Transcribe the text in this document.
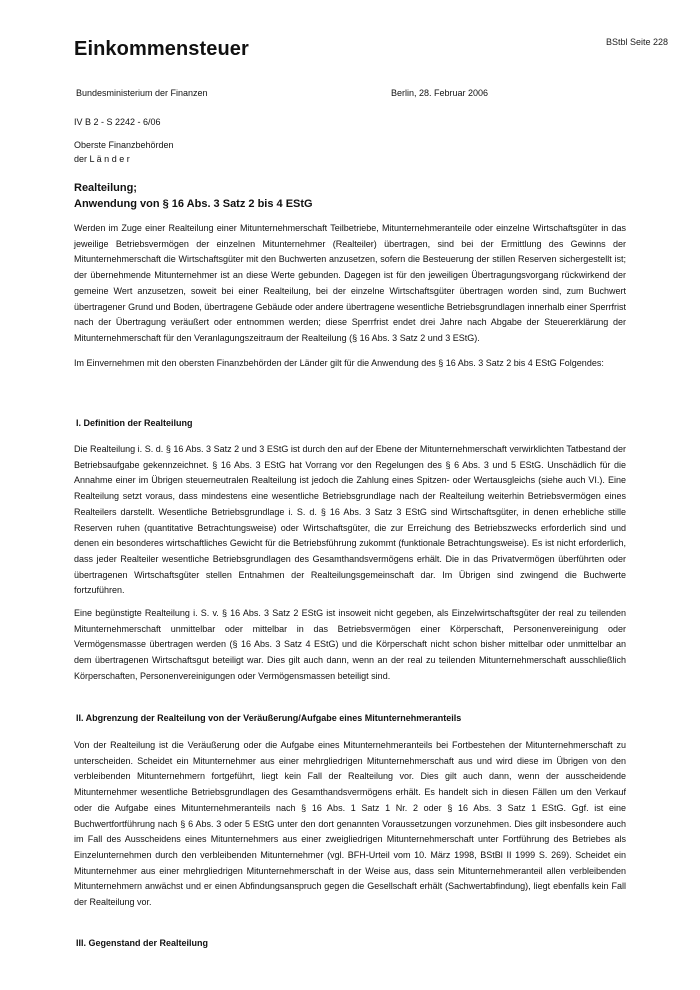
BStbl Seite 228
Einkommensteuer
Bundesministerium der Finanzen	Berlin, 28. Februar 2006
IV B 2 - S 2242 - 6/06
Oberste Finanzbehörden
der L ä n d e r
Realteilung;
Anwendung von § 16 Abs. 3 Satz 2 bis 4 EStG

Werden im Zuge einer Realteilung einer Mitunternehmerschaft Teilbetriebe, Mitunternehmeranteile oder einzelne Wirtschaftsgüter in das jeweilige Betriebsvermögen der einzelnen Mitunternehmer (Realteiler) übertragen, sind bei der Ermittlung des Gewinns der Mitunternehmerschaft die Wirtschaftsgüter mit den Buchwerten anzusetzen, sofern die Besteuerung der stillen Reserven sichergestellt ist; der übernehmende Mitunternehmer ist an diese Werte gebunden. Dagegen ist für den jeweiligen Übertragungsvorgang rückwirkend der gemeine Wert anzusetzen, soweit bei einer Realteilung, bei der einzelne Wirtschaftsgüter übertragen worden sind, zum Buchwert übertragener Grund und Boden, übertragene Gebäude oder andere übertragene wesentliche Betriebsgrundlagen innerhalb einer Sperrfrist nach der Übertragung veräußert oder entnommen werden; diese Sperrfrist endet drei Jahre nach Abgabe der Steuererklärung der Mitunternehmerschaft für den Veranlagungszeitraum der Realteilung (§ 16 Abs. 3 Satz 2 und 3 EStG).

Im Einvernehmen mit den obersten Finanzbehörden der Länder gilt für die Anwendung des § 16 Abs. 3 Satz 2 bis 4 EStG Folgendes:

I. Definition der Realteilung

Die Realteilung i. S. d. § 16 Abs. 3 Satz 2 und 3 EStG ist durch den auf der Ebene der Mitunternehmerschaft verwirklichten Tatbestand der Betriebsaufgabe gekennzeichnet. § 16 Abs. 3 EStG hat Vorrang vor den Regelungen des § 6 Abs. 3 und 5 EStG. Unschädlich für die Annahme einer im Übrigen steuerneutralen Realteilung ist jedoch die Zahlung eines Spitzen- oder Wertausgleichs (siehe auch VI.). Eine Realteilung setzt voraus, dass mindestens eine wesentliche Betriebsgrundlage nach der Realteilung weiterhin Betriebsvermögen eines Realteilers darstellt. Wesentliche Betriebsgrundlage i. S. d. § 16 Abs. 3 Satz 3 EStG sind Wirtschaftsgüter, in denen erhebliche stille Reserven ruhen (quantitative Betrachtungsweise) oder Wirtschaftsgüter, die zur Erreichung des Betriebszwecks erforderlich sind und denen ein besonderes wirtschaftliches Gewicht für die Betriebsführung zukommt (funktionale Betrachtungsweise). Es ist nicht erforderlich, dass jeder Realteiler wesentliche Betriebsgrundlagen des Gesamthandsvermögens erhält. Die in das Privatvermögen überführten oder übertragenen Wirtschaftsgüter stellen Entnahmen der Realteilungsgemeinschaft dar. Im Übrigen sind zwingend die Buchwerte fortzuführen.

Eine begünstigte Realteilung i. S. v. § 16 Abs. 3 Satz 2 EStG ist insoweit nicht gegeben, als Einzelwirtschaftsgüter der real zu teilenden Mitunternehmerschaft unmittelbar oder mittelbar in das Betriebsvermögen einer Körperschaft, Personenvereinigung oder Vermögensmasse übertragen werden (§ 16 Abs. 3 Satz 4 EStG) und die Körperschaft nicht schon bisher mittelbar oder unmittelbar an dem übertragenen Wirtschaftsgut beteiligt war. Dies gilt auch dann, wenn an der real zu teilenden Mitunternehmerschaft ausschließlich Körperschaften, Personenvereinigungen oder Vermögensmassen beteiligt sind.

II. Abgrenzung der Realteilung von der Veräußerung/Aufgabe eines Mitunternehmeranteils

Von der Realteilung ist die Veräußerung oder die Aufgabe eines Mitunternehmeranteils bei Fortbestehen der Mitunternehmerschaft zu unterscheiden. Scheidet ein Mitunternehmer aus einer mehrgliedrigen Mitunternehmerschaft aus und wird diese im Übrigen von den verbleibenden Mitunternehmern fortgeführt, liegt kein Fall der Realteilung vor. Dies gilt auch dann, wenn der ausscheidende Mitunternehmer wesentliche Betriebsgrundlagen des Gesamthandsvermögens erhält. Es handelt sich in diesen Fällen um den Verkauf oder die Aufgabe eines Mitunternehmeranteils nach § 16 Abs. 1 Satz 1 Nr. 2 oder § 16 Abs. 3 Satz 1 EStG. Ggf. ist eine Buchwertfortführung nach § 6 Abs. 3 oder 5 EStG unter den dort genannten Voraussetzungen vorzunehmen. Dies gilt insbesondere auch im Fall des Ausscheidens eines Mitunternehmers aus einer zweigliedrigen Mitunternehmerschaft unter Fortführung des Betriebes als Einzelunternehmen durch den verbleibenden Mitunternehmer (vgl. BFH-Urteil vom 10. März 1998, BStBl II 1999 S. 269). Scheidet ein Mitunternehmer aus einer mehrgliedrigen Mitunternehmerschaft in der Weise aus, dass sein Mitunternehmeranteil allen verbleibenden Mitunternehmern anwächst und er einen Abfindungsanspruch gegen die Gesellschaft erhält (Sachwertabfindung), liegt ebenfalls kein Fall der Realteilung vor.

III. Gegenstand der Realteilung
